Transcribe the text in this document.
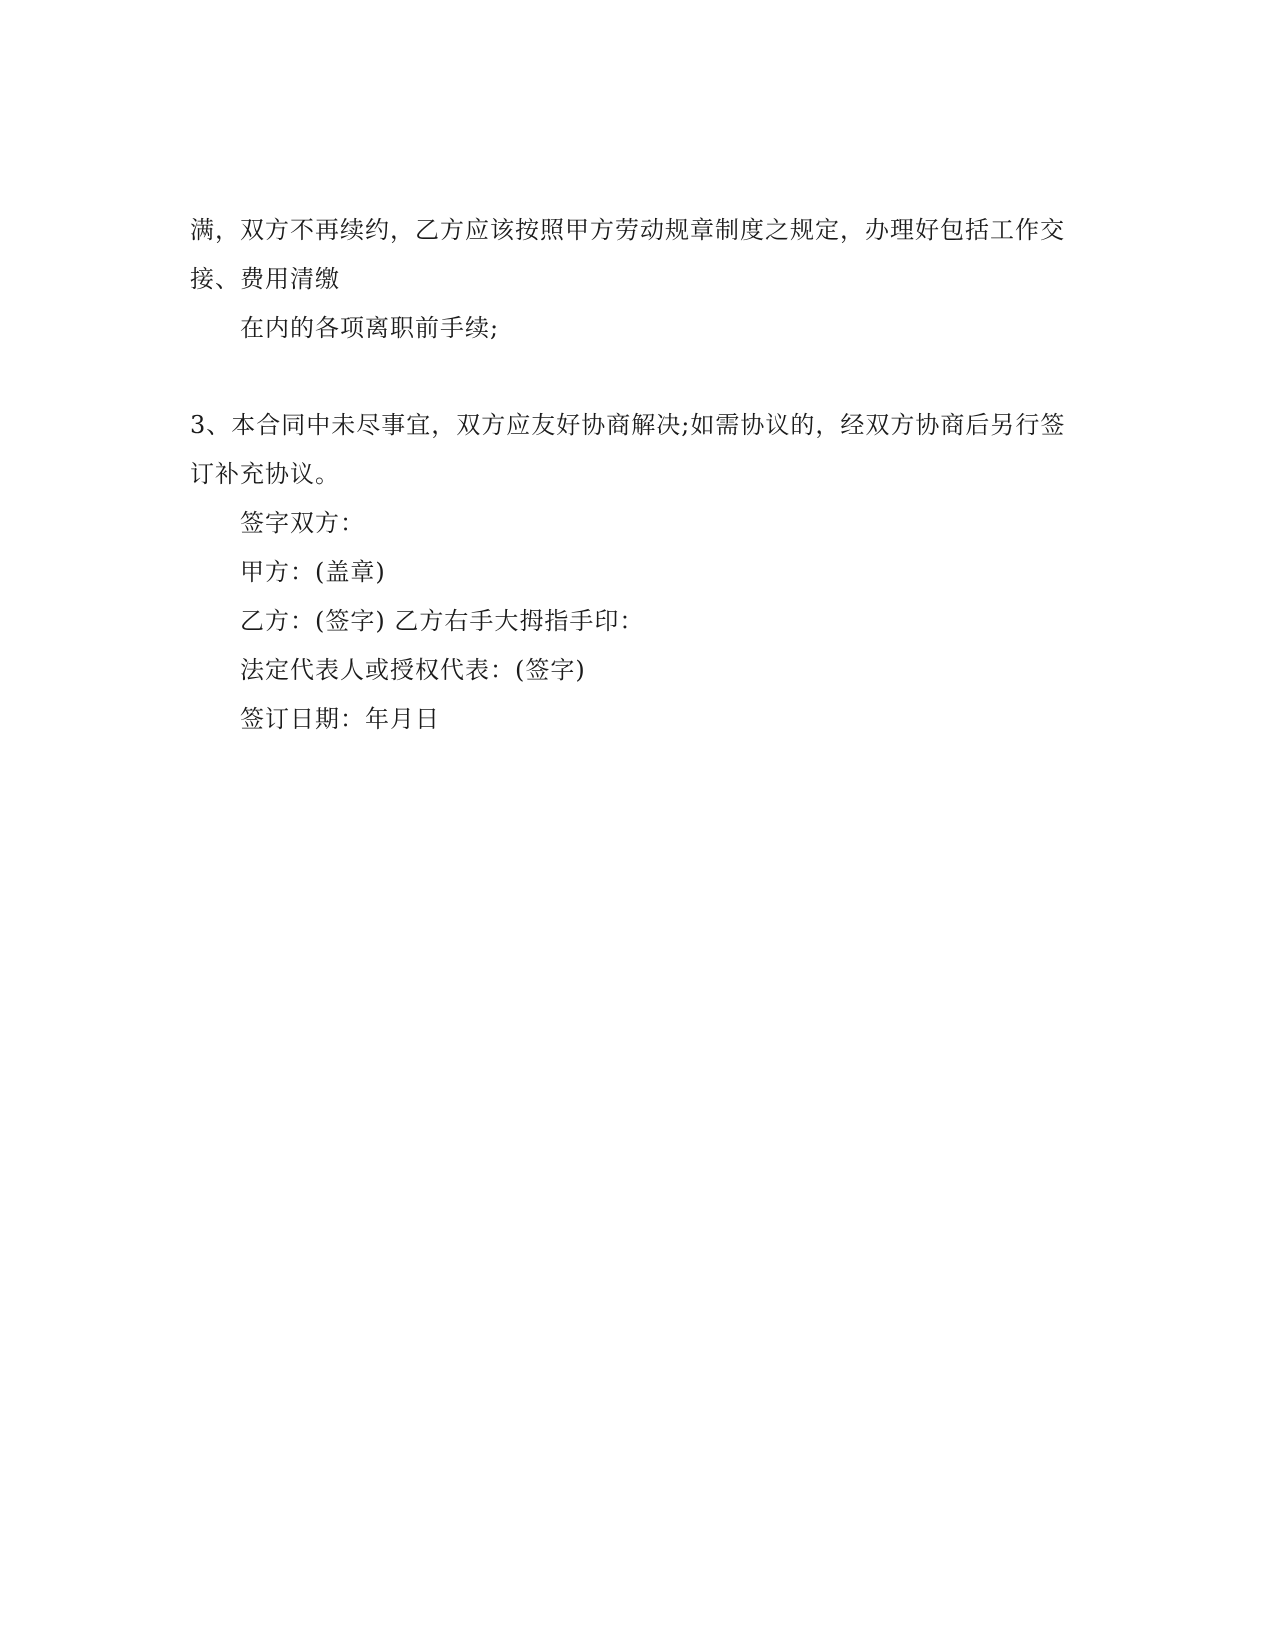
满，双方不再续约，乙方应该按照甲方劳动规章制度之规定，办理好包括工作交
接、费用清缴
在内的各项离职前手续;
3、本合同中未尽事宜，双方应友好协商解决;如需协议的，经双方协商后另行签
订补充协议。
签字双方：
甲方：(盖章)
乙方：(签字) 乙方右手大拇指手印：
法定代表人或授权代表：(签字)
签订日期：年月日
